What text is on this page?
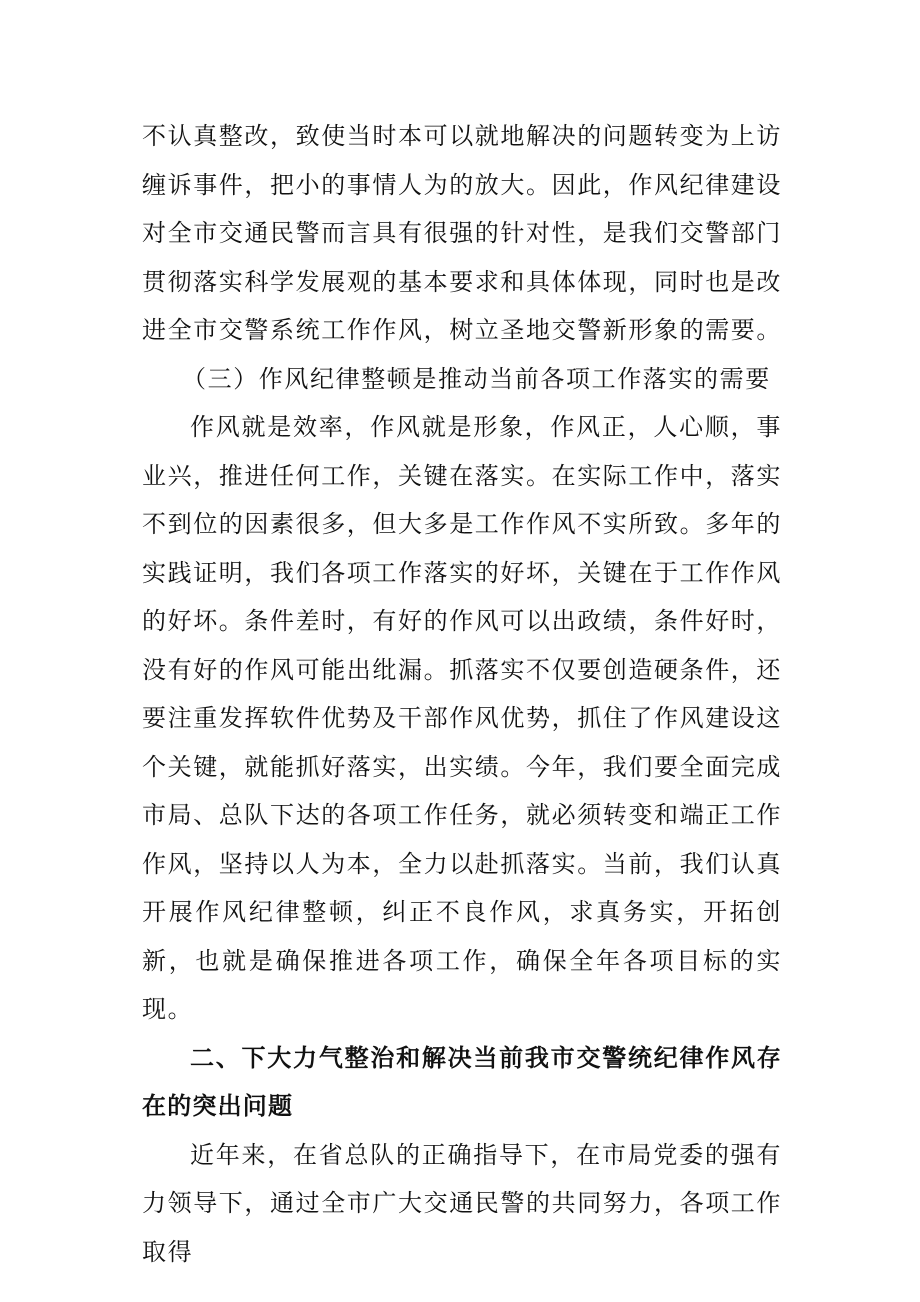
不认真整改，致使当时本可以就地解决的问题转变为上访缠诉事件，把小的事情人为的放大。因此，作风纪律建设对全市交通民警而言具有很强的针对性，是我们交警部门贯彻落实科学发展观的基本要求和具体体现，同时也是改进全市交警系统工作作风，树立圣地交警新形象的需要。

（三）作风纪律整顿是推动当前各项工作落实的需要

作风就是效率，作风就是形象，作风正，人心顺，事业兴，推进任何工作，关键在落实。在实际工作中，落实不到位的因素很多，但大多是工作作风不实所致。多年的实践证明，我们各项工作落实的好坏，关键在于工作作风的好坏。条件差时，有好的作风可以出政绩，条件好时，没有好的作风可能出纰漏。抓落实不仅要创造硬条件，还要注重发挥软件优势及干部作风优势，抓住了作风建设这个关键，就能抓好落实，出实绩。今年，我们要全面完成市局、总队下达的各项工作任务，就必须转变和端正工作作风，坚持以人为本，全力以赴抓落实。当前，我们认真开展作风纪律整顿，纠正不良作风，求真务实，开拓创新，也就是确保推进各项工作，确保全年各项目标的实现。

二、下大力气整治和解决当前我市交警统纪律作风存在的突出问题

近年来，在省总队的正确指导下，在市局党委的强有力领导下，通过全市广大交通民警的共同努力，各项工作取得
